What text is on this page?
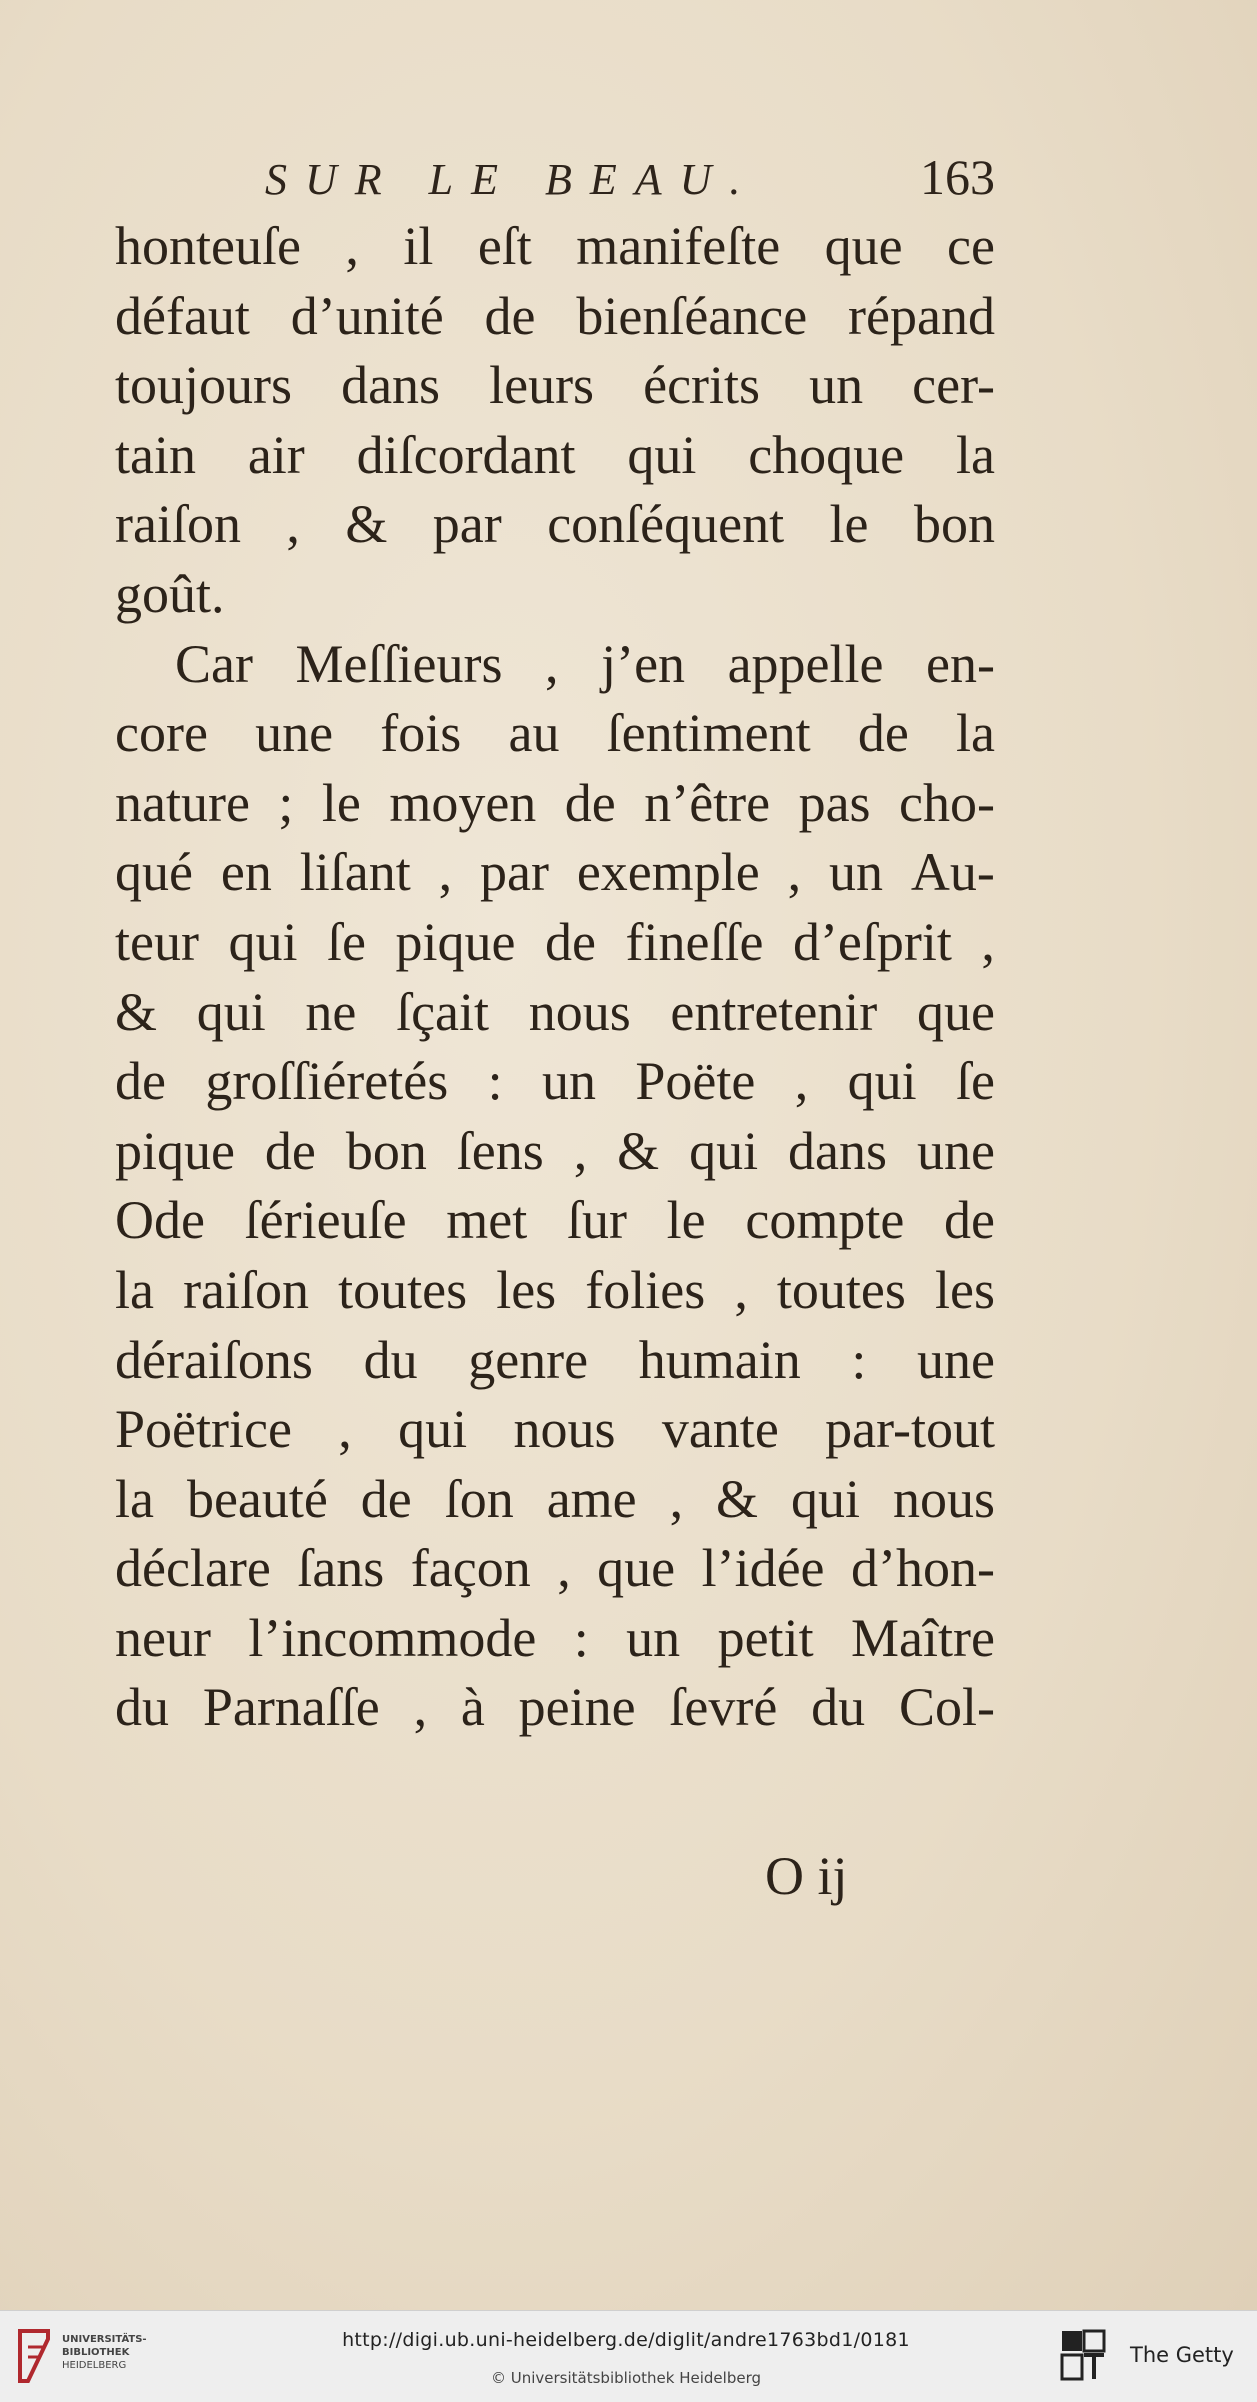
SUR LE BEAU.	163
honteuſe , il eſt manifeſte que ce
défaut d’unité de bienſéance répand
toujours dans leurs écrits un cer-
tain air diſcordant qui choque la
raiſon , & par conſéquent le bon
goût.
Car Meſſieurs , j’en appelle en-
core une fois au ſentiment de la
nature ; le moyen de n’être pas cho-
qué en liſant , par exemple , un Au-
teur qui ſe pique de fineſſe d’eſprit ,
& qui ne ſçait nous entretenir que
de groſſiéretés : un Poëte , qui ſe
pique de bon ſens , & qui dans une
Ode ſérieuſe met ſur le compte de
la raiſon toutes les folies , toutes les
déraiſons du genre humain : une
Poëtrice , qui nous vante par-tout
la beauté de ſon ame , & qui nous
déclare ſans façon , que l’idée d’hon-
neur l’incommode : un petit Maître
du Parnaſſe , à peine ſevré du Col-
O ij
UNIVERSITÄTS-
BIBLIOTHEK
HEIDELBERG
http://digi.ub.uni-heidelberg.de/diglit/andre1763bd1/0181
© Universitätsbibliothek Heidelberg
The Getty
